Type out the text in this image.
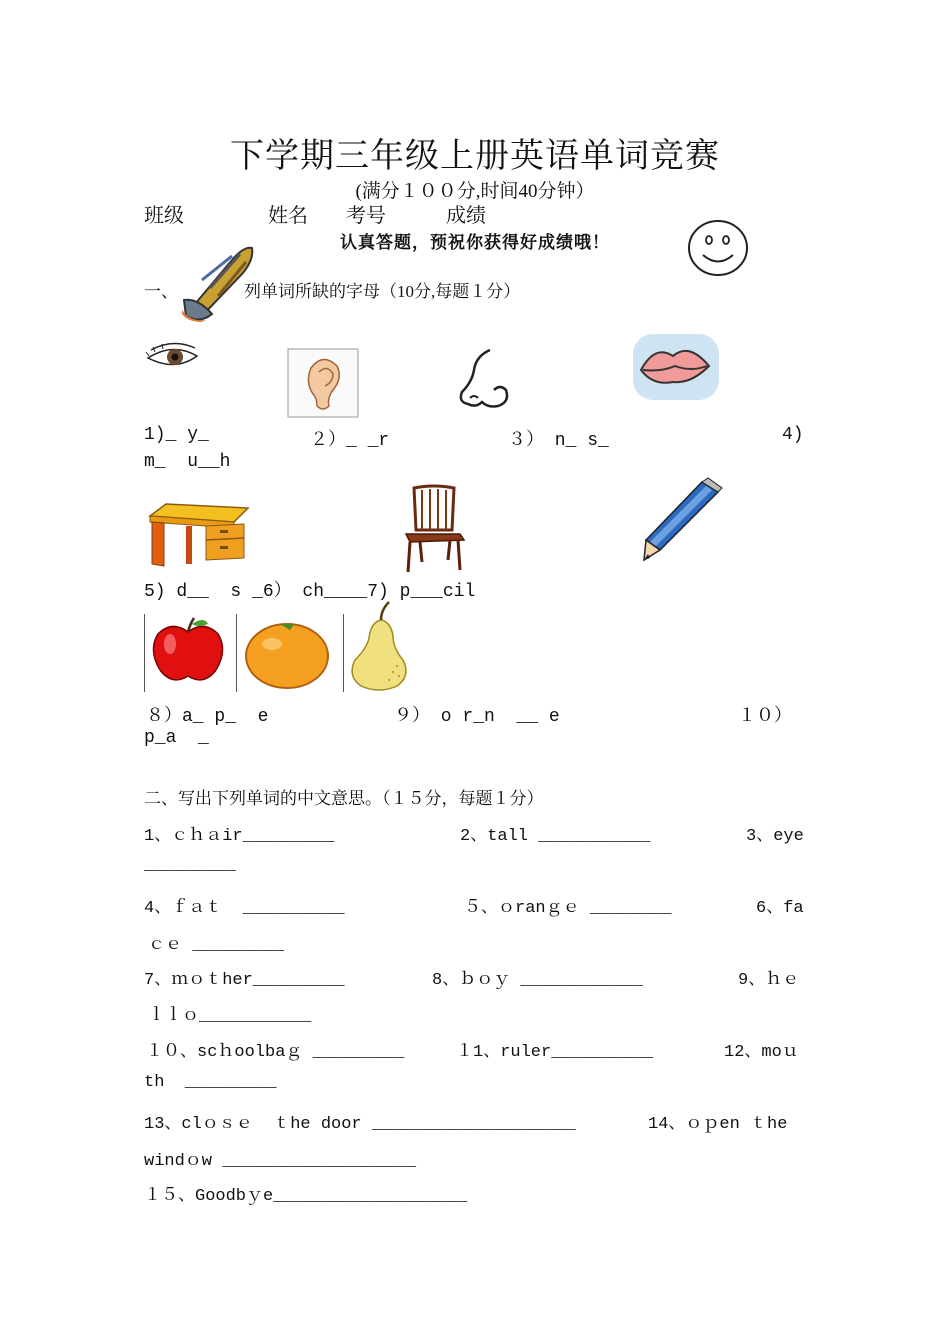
下学期三年级上册英语单词竞赛
(满分１００分,时间40分钟）
班级	姓名 考号	成绩
认真答题，预祝你获得好成绩哦！
一、	列单词所缺的字母（10分,每题１分）
1)_ y_	２）_ _r	３） n_ s_	4)
m_  u__h
5) d__  s _6） ch____7) p___cil
８）a_ p_  e	９） o r_n  __ e	１０）
p_a  _
二、写出下列单词的中文意思。（１５分，每题１分）
1、ｃｈａir_________	2、tall ___________	3、eye
_________
4、ｆａｔ  __________	５、ｏranｇｅ ________	6、fa
ｃｅ _________
7、ｍｏｔher_________	8、ｂｏｙ ____________	9、ｈｅ
ｌｌｏ___________
１０、scｈoolbaｇ _________	１1、ruler__________	12、moｕ
th  _________
13、clｏｓｅ  ｔhe door ____________________	14、ｏｐen ｔhe
windｏw ___________________
１５、Goodbｙe___________________
